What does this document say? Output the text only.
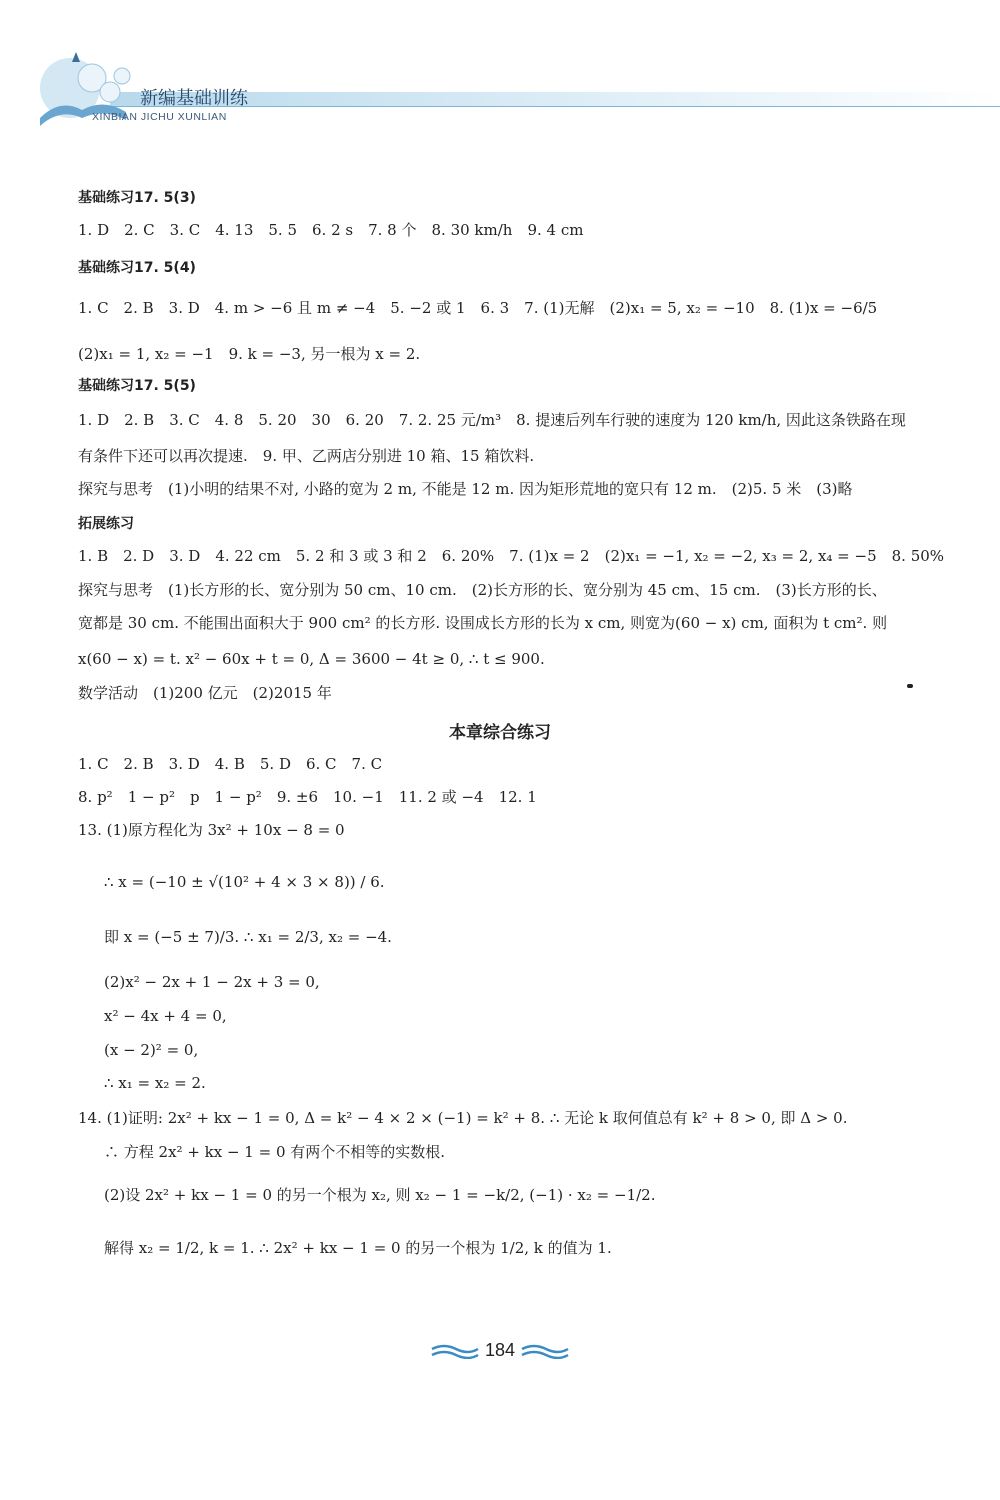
新编基础训练
XINBIAN JICHU XUNLIAN
基础练习17. 5(3)
1. D　2. C　3. C　4. 13　5. 5　6. 2 s　7. 8 个　8. 30 km/h　9. 4 cm
基础练习17. 5(4)
1. C　2. B　3. D　4. m > −6 且 m ≠ −4　5. −2 或 1　6. 3　7. (1)无解　(2)x₁ = 5, x₂ = −10　8. (1)x = −6/5
(2)x₁ = 1, x₂ = −1　9. k = −3, 另一根为 x = 2.
基础练习17. 5(5)
1. D　2. B　3. C　4. 8　5. 20　30　6. 20　7. 2. 25 元/m³　8. 提速后列车行驶的速度为 120 km/h, 因此这条铁路在现
有条件下还可以再次提速.　9. 甲、乙两店分别进 10 箱、15 箱饮料.
探究与思考　(1)小明的结果不对, 小路的宽为 2 m, 不能是 12 m. 因为矩形荒地的宽只有 12 m.　(2)5. 5 米　(3)略
拓展练习
1. B　2. D　3. D　4. 22 cm　5. 2 和 3 或 3 和 2　6. 20%　7. (1)x = 2　(2)x₁ = −1, x₂ = −2, x₃ = 2, x₄ = −5　8. 50%
探究与思考　(1)长方形的长、宽分别为 50 cm、10 cm.　(2)长方形的长、宽分别为 45 cm、15 cm.　(3)长方形的长、
宽都是 30 cm. 不能围出面积大于 900 cm² 的长方形. 设围成长方形的长为 x cm, 则宽为(60 − x) cm, 面积为 t cm². 则
x(60 − x) = t. x² − 60x + t = 0, Δ = 3600 − 4t ≥ 0, ∴ t ≤ 900.
数学活动　(1)200 亿元　(2)2015 年
本章综合练习
1. C　2. B　3. D　4. B　5. D　6. C　7. C
8. p²　1 − p²　p　1 − p²　9. ±6　10. −1　11. 2 或 −4　12. 1
13. (1)原方程化为 3x² + 10x − 8 = 0
∴ x = (−10 ± √(10² + 4 × 3 × 8)) / 6.
即 x = (−5 ± 7)/3. ∴ x₁ = 2/3, x₂ = −4.
(2)x² − 2x + 1 − 2x + 3 = 0,
x² − 4x + 4 = 0,
(x − 2)² = 0,
∴ x₁ = x₂ = 2.
14. (1)证明: 2x² + kx − 1 = 0, Δ = k² − 4 × 2 × (−1) = k² + 8. ∴ 无论 k 取何值总有 k² + 8 > 0, 即 Δ > 0.
∴ 方程 2x² + kx − 1 = 0 有两个不相等的实数根.
(2)设 2x² + kx − 1 = 0 的另一个根为 x₂, 则 x₂ − 1 = −k/2, (−1) · x₂ = −1/2.
解得 x₂ = 1/2, k = 1. ∴ 2x² + kx − 1 = 0 的另一个根为 1/2, k 的值为 1.
184
